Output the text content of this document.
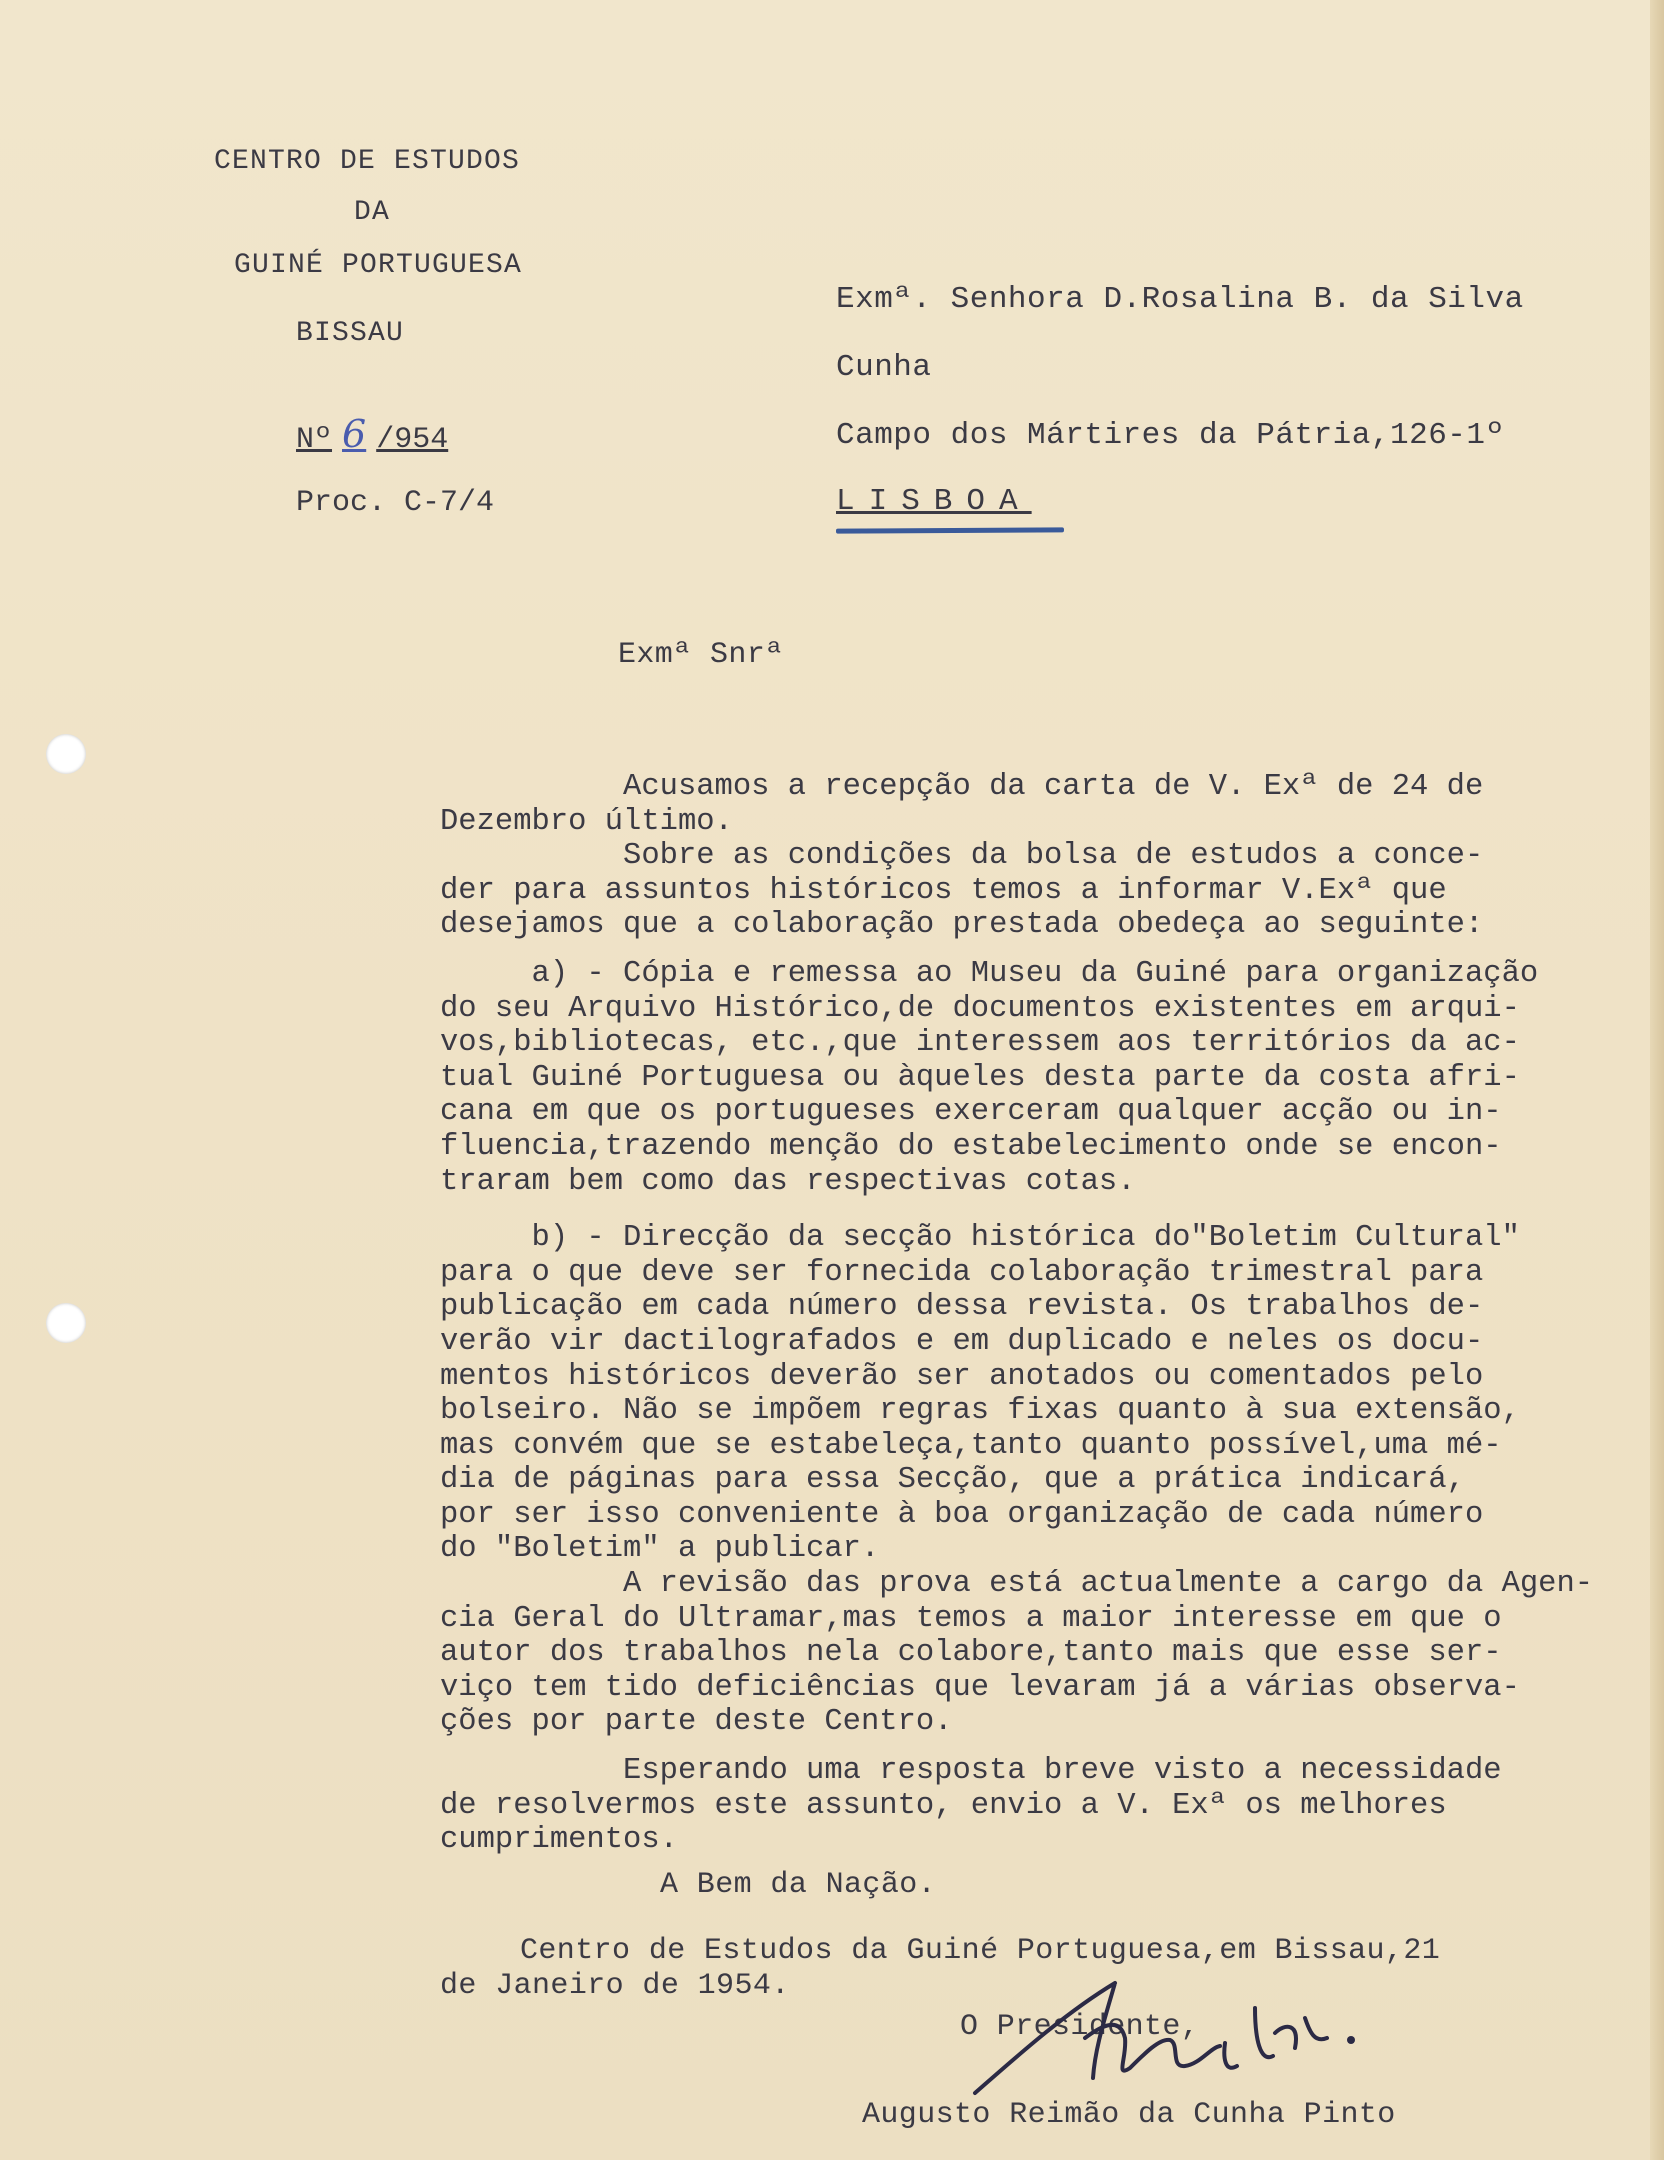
CENTRO DE ESTUDOS
DA
GUINÉ PORTUGUESA
BISSAU
Nº 6 /954
Proc. C-7/4
Exmª. Senhora D.Rosalina B. da Silva
Cunha
Campo dos Mártires da Pátria,126-1º
LISBOA
Exmª Snrª

Acusamos a recepção da carta de V. Exª de 24 de
Dezembro último.

Sobre as condições da bolsa de estudos a conce-
der para assuntos históricos temos a informar V.Exª que
desejamos que a colaboração prestada obedeça ao seguinte:

a) - Cópia e remessa ao Museu da Guiné para organização
do seu Arquivo Histórico,de documentos existentes em arqui-
vos,bibliotecas, etc.,que interessem aos territórios da ac-
tual Guiné Portuguesa ou àqueles desta parte da costa afri-
cana em que os portugueses exerceram qualquer acção ou in-
fluencia,trazendo menção do estabelecimento onde se encon-
traram bem como das respectivas cotas.

b) - Direcção da secção histórica do"Boletim Cultural"
para o que deve ser fornecida colaboração trimestral para
publicação em cada número dessa revista. Os trabalhos de-
verão vir dactilografados e em duplicado e neles os docu-
mentos históricos deverão ser anotados ou comentados pelo
bolseiro. Não se impõem regras fixas quanto à sua extensão,
mas convém que se estabeleça,tanto quanto possível,uma mé-
dia de páginas para essa Secção, que a prática indicará,
por ser isso conveniente à boa organização de cada número
do "Boletim" a publicar.

A revisão das prova está actualmente a cargo da Agen-
cia Geral do Ultramar,mas temos a maior interesse em que o
autor dos trabalhos nela colabore,tanto mais que esse ser-
viço tem tido deficiências que levaram já a várias observa-
ções por parte deste Centro.

Esperando uma resposta breve visto a necessidade
de resolvermos este assunto, envio a V. Exª os melhores
cumprimentos.

A Bem da Nação.
Centro de Estudos da Guiné Portuguesa,em Bissau,21
de Janeiro de 1954.
O Presidente,
Augusto Reimão da Cunha Pinto
